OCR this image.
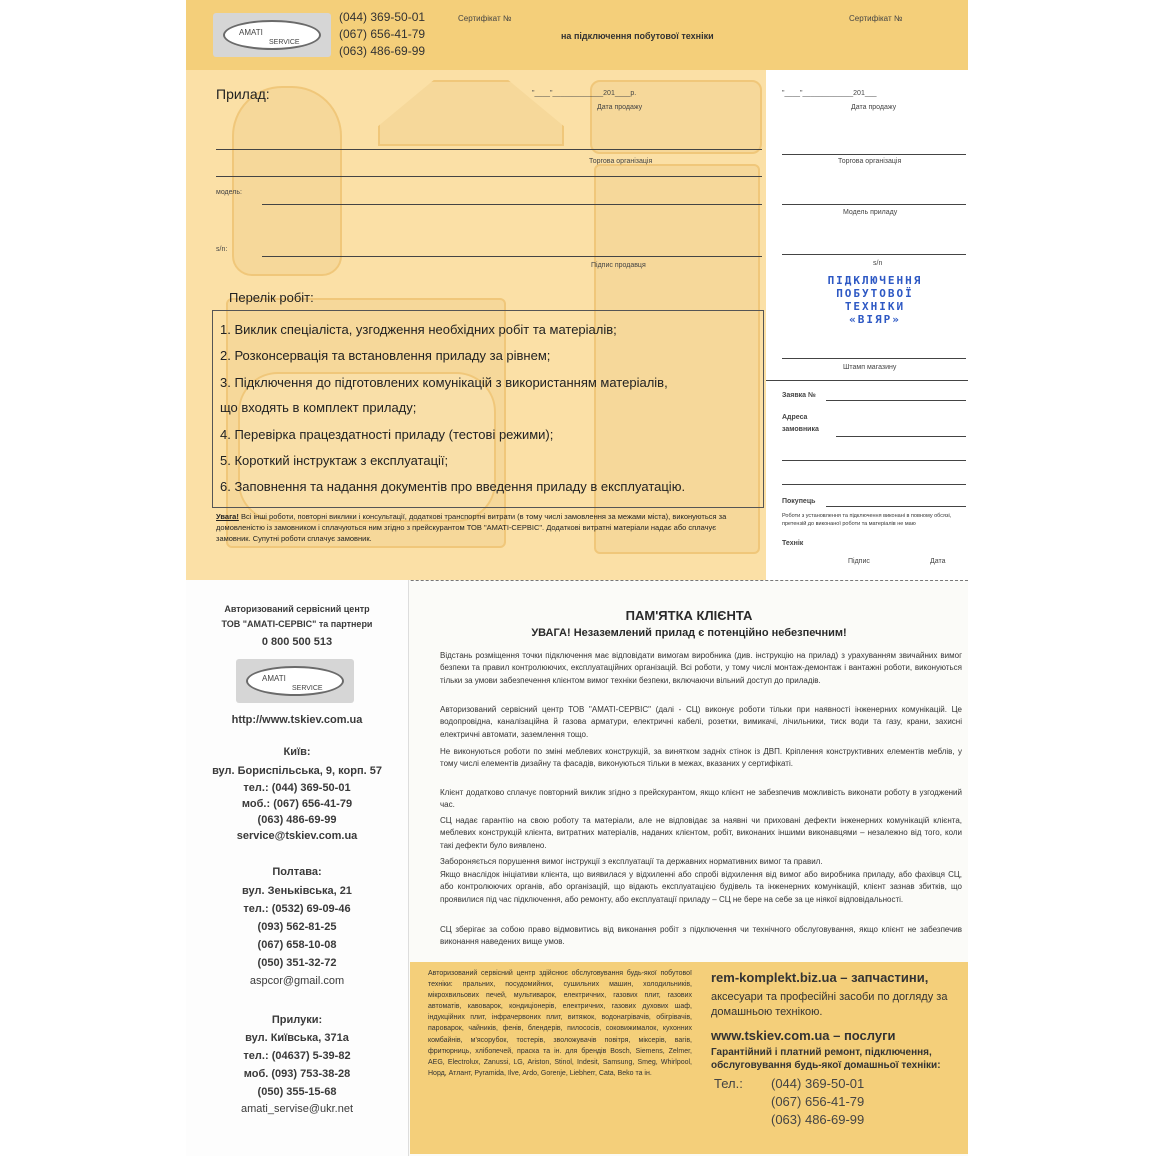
AMATI
SERVICE
(044) 369-50-01
(067) 656-41-79
(063) 486-69-99
Сертифікат №	Сертифікат №
на підключення побутової техніки
Прилад:	"____"_____________201____р.
Дата продажу
Торгова організація
модель:
s/n:
Підпис продавця
Перелік робіт:
1. Виклик спеціаліста, узгодження необхідних робіт та матеріалів;
2. Розконсервація та встановлення приладу за рівнем;
3. Підключення до підготовлених комунікацій з використанням матеріалів,
що входять в комплект приладу;
4. Перевірка працездатності приладу (тестові режими);
5. Короткий інструктаж з експлуатації;
6. Заповнення та надання документів про введення приладу в експлуатацію.
Увага! Всі інші роботи, повторні виклики і консультації, додаткові транспортні витрати (в тому числі замовлення за межами міста), виконуються за домовленістю із замовником і сплачуються ним згідно з прейскурантом ТОВ "АМАТІ-СЕРВІС". Додаткові витратні матеріали надає або сплачує замовник. Супутні роботи сплачує замовник.
"____"_____________201___
Дата продажу
Торгова організація
Модель приладу
s/n
ПІДКЛЮЧЕННЯ
ПОБУТОВОЇ
ТЕХНІКИ
«ВІЯР»
Штамп магазину
Заявка №
Адреса
замовника
Покупець
Роботи з установлення та підключення виконані в повному обсязі, претензій до виконаної роботи та матеріалів не маю
Технік
Підпис	Дата
Авторизований сервісний центр
ТОВ "АМАТІ-СЕРВІС" та партнери
0 800 500 513
AMATI
SERVICE
http://www.tskiev.com.ua
Київ:
вул. Бориспільська, 9, корп. 57
тел.: (044) 369-50-01
моб.: (067) 656-41-79
(063) 486-69-99
service@tskiev.com.ua
Полтава:
вул. Зеньківська, 21
тел.: (0532) 69-09-46
(093) 562-81-25
(067) 658-10-08
(050) 351-32-72
aspcor@gmail.com
Прилуки:
вул. Київська, 371а
тел.: (04637) 5-39-82
моб. (093) 753-38-28
(050) 355-15-68
amati_servise@ukr.net
ПАМ'ЯТКА КЛІЄНТА
УВАГА! Незаземлений прилад є потенційно небезпечним!
Відстань розміщення точки підключення має відповідати вимогам виробника (див. інструкцію на прилад) з урахуванням звичайних вимог безпеки та правил контролюючих, експлуатаційних організацій. Всі роботи, у тому числі монтаж-демонтаж і вантажні роботи, виконуються тільки за умови забезпечення клієнтом вимог техніки безпеки, включаючи вільний доступ до приладів.
Авторизований сервісний центр ТОВ "АМАТІ-СЕРВІС" (далі - СЦ) виконує роботи тільки при наявності інженерних комунікацій. Це водопровідна, каналізаційна й газова арматури, електричні кабелі, розетки, вимикачі, лічильники, тиск води та газу, крани, захисні електричні автомати, заземлення тощо.
Не виконуються роботи по зміні меблевих конструкцій, за винятком задніх стінок із ДВП. Кріплення конструктивних елементів меблів, у тому числі елементів дизайну та фасадів, виконуються тільки в межах, вказаних у сертифікаті.
Клієнт додатково сплачує повторний виклик згідно з прейскурантом, якщо клієнт не забезпечив можливість виконати роботу в узгоджений час.
СЦ надає гарантію на свою роботу та матеріали, але не відповідає за наявні чи приховані дефекти інженерних комунікацій клієнта, меблевих конструкцій клієнта, витратних матеріалів, наданих клієнтом, робіт, виконаних іншими виконавцями – незалежно від того, коли такі дефекти було виявлено.
Забороняється порушення вимог інструкції з експлуатації та державних нормативних вимог та правил.
Якщо внаслідок ініціативи клієнта, що виявилася у відхиленні або спробі відхилення від вимог або виробника приладу, або фахівця СЦ, або контролюючих органів, або організацій, що відають експлуатацією будівель та інженерних комунікацій, клієнт зазнав збитків, що проявилися під час підключення, або ремонту, або експлуатації приладу – СЦ не бере на себе за це ніякої відповідальності.
СЦ зберігає за собою право відмовитись від виконання робіт з підключення чи технічного обслуговування, якщо клієнт не забезпечив виконання наведених вище умов.
Авторизований сервісний центр здійснює обслуговування будь-якої побутової техніки: пральних, посудомийних, сушильних машин, холодильників, мікрохвильових печей, мультиварок, електричних, газових плит, газових автоматів, кавоварок, кондиціонерів, електричних, газових духових шаф, індукційних плит, інфрачервоних плит, витяжок, водонагрівачів, обігрівачів, пароварок, чайників, фенів, блендерів, пилососів, соковижималок, кухонних комбайнів, м'ясорубок, тостерів, зволожувачів повітря, міксерів, вагів, фритюрниць, хлібопечей, праска та ін. для брендів Bosch, Siemens, Zelmer, AEG, Electrolux, Zanussi, LG, Ariston, Stinol, Indesit, Samsung, Smeg, Whirlpool, Норд, Атлант, Pyramida, Ilve, Ardo, Gorenje, Liebherr, Cata, Beko та ін.
rem-komplekt.biz.ua – запчастини,
аксесуари та професійні засоби по догляду за домашньою технікою.
www.tskiev.com.ua – послуги
Гарантійний і платний ремонт, підключення, обслуговування будь-якої домашньої техніки:
Тел.: (044) 369-50-01
(067) 656-41-79
(063) 486-69-99
